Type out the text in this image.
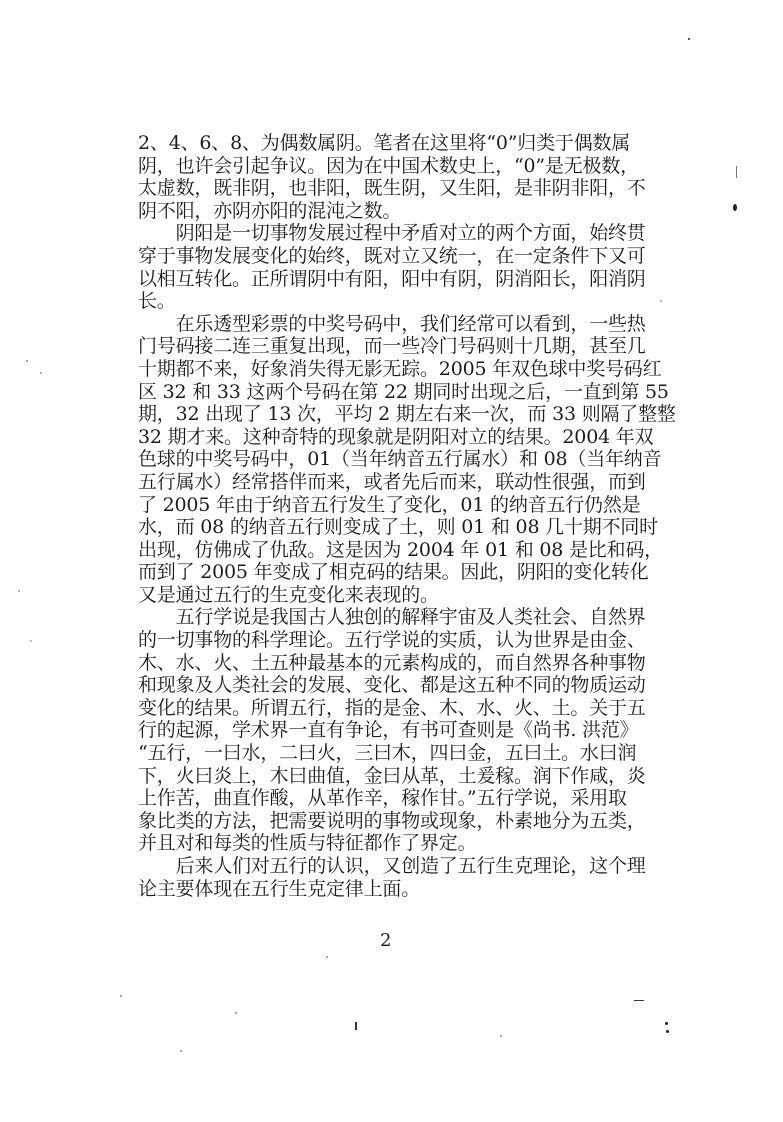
2、4、6、8、为偶数属阴。笔者在这里将“0”归类于偶数属
阴，也许会引起争议。因为在中国术数史上，“0”是无极数，
太虚数，既非阴，也非阳，既生阴，又生阳，是非阴非阳，不
阴不阳，亦阴亦阳的混沌之数。
　　阴阳是一切事物发展过程中矛盾对立的两个方面，始终贯
穿于事物发展变化的始终，既对立又统一，在一定条件下又可
以相互转化。正所谓阴中有阳，阳中有阴，阴消阳长，阳消阴
长。
　　在乐透型彩票的中奖号码中，我们经常可以看到，一些热
门号码接二连三重复出现，而一些冷门号码则十几期，甚至几
十期都不来，好象消失得无影无踪。2005 年双色球中奖号码红
区 32 和 33 这两个号码在第 22 期同时出现之后，一直到第 55
期，32 出现了 13 次，平均 2 期左右来一次，而 33 则隔了整整
32 期才来。这种奇特的现象就是阴阳对立的结果。2004 年双
色球的中奖号码中，01（当年纳音五行属水）和 08（当年纳音
五行属水）经常搭伴而来，或者先后而来，联动性很强，而到
了 2005 年由于纳音五行发生了变化，01 的纳音五行仍然是
水，而 08 的纳音五行则变成了土，则 01 和 08 几十期不同时
出现，仿佛成了仇敌。这是因为 2004 年 01 和 08 是比和码，
而到了 2005 年变成了相克码的结果。因此，阴阳的变化转化
又是通过五行的生克变化来表现的。
　　五行学说是我国古人独创的解释宇宙及人类社会、自然界
的一切事物的科学理论。五行学说的实质，认为世界是由金、
木、水、火、土五种最基本的元素构成的，而自然界各种事物
和现象及人类社会的发展、变化、都是这五种不同的物质运动
变化的结果。所谓五行，指的是金、木、水、火、土。关于五
行的起源，学术界一直有争论，有书可查则是《尚书. 洪范》
“五行，一曰水，二曰火，三曰木，四曰金，五曰土。水曰润
下，火曰炎上，木曰曲值，金曰从革，土爰稼。润下作咸，炎
上作苦，曲直作酸，从革作辛，稼作甘。”五行学说，采用取
象比类的方法，把需要说明的事物或现象，朴素地分为五类，
并且对和每类的性质与特征都作了界定。
　　后来人们对五行的认识，又创造了五行生克理论，这个理
论主要体现在五行生克定律上面。
2
